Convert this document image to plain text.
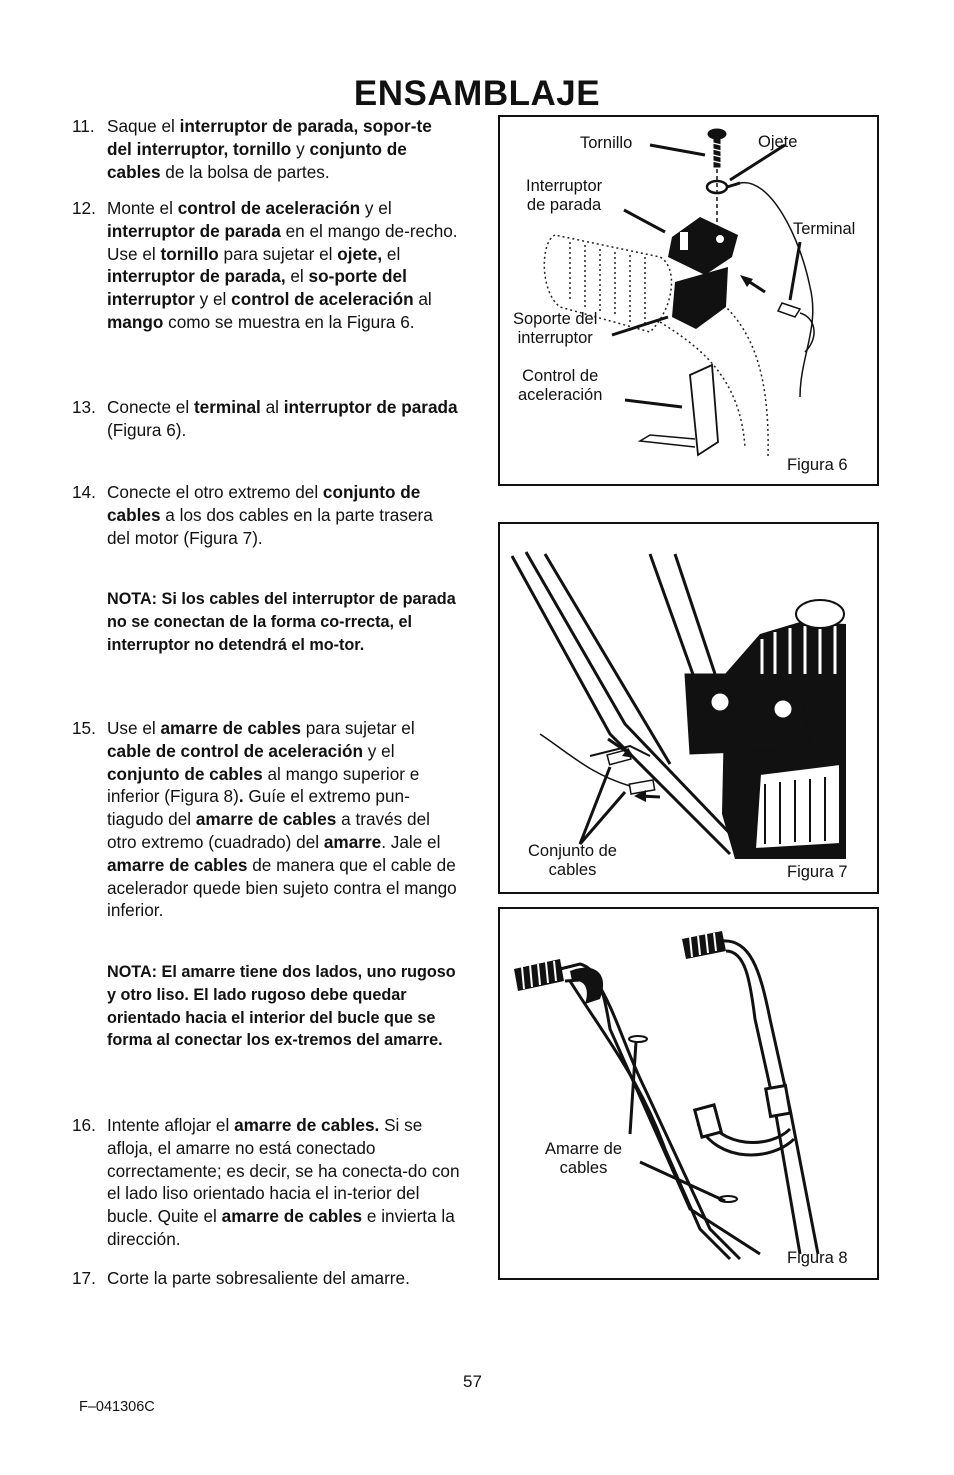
ENSAMBLAJE
11. Saque el interruptor de parada, sopor-te del interruptor, tornillo y conjunto de cables de la bolsa de partes.
12. Monte el control de aceleración y el interruptor de parada en el mango de-recho. Use el tornillo para sujetar el ojete, el interruptor de parada, el so-porte del interruptor y el control de aceleración al mango como se muestra en la Figura 6.
13. Conecte el terminal al interruptor de parada (Figura 6).
14. Conecte el otro extremo del conjunto de cables a los dos cables en la parte trasera del motor (Figura 7).
NOTA: Si los cables del interruptor de parada no se conectan de la forma co-rrecta, el interruptor no detendrá el mo-tor.
15. Use el amarre de cables para sujetar el cable de control de aceleración y el conjunto de cables al mango superior e inferior (Figura 8). Guíe el extremo pun-tiagudo del amarre de cables a través del otro extremo (cuadrado) del amarre. Jale el amarre de cables de manera que el cable de acelerador quede bien sujeto contra el mango inferior.
NOTA: El amarre tiene dos lados, uno rugoso y otro liso. El lado rugoso debe quedar orientado hacia el interior del bucle que se forma al conectar los ex-tremos del amarre.
16. Intente aflojar el amarre de cables. Si se afloja, el amarre no está conectado correctamente; es decir, se ha conecta-do con el lado liso orientado hacia el in-terior del bucle. Quite el amarre de cables e invierta la dirección.
17. Corte la parte sobresaliente del amarre.
Tornillo	Ojete
Interruptor
de parada
Terminal
Soporte del
interruptor
Control de
aceleración
Figura 6
Conjunto de
cables	Figura 7
Amarre de
cables
Figura 8
F–041306C
57
